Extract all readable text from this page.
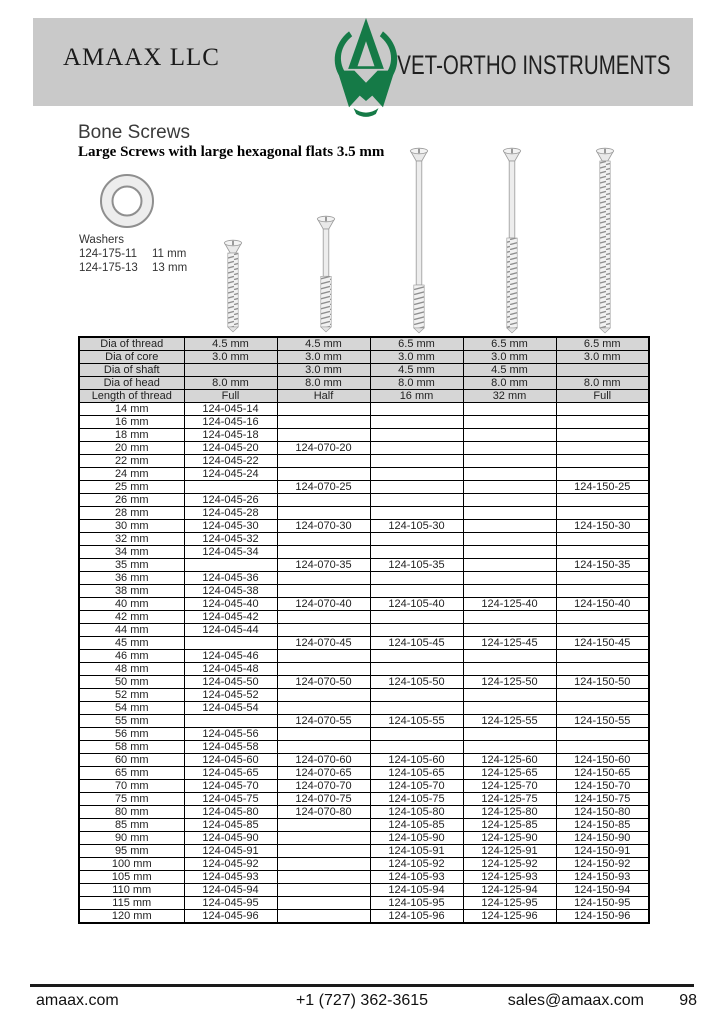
AMAAX LLC	VET-ORTHO INSTRUMENTS
Bone Screws
Large Screws with large hexagonal flats 3.5 mm
Washers
124-175-11	11 mm
124-175-13	13 mm
Dia of thread	4.5 mm	4.5 mm	6.5 mm	6.5 mm	6.5 mm
Dia of core	3.0 mm	3.0 mm	3.0 mm	3.0 mm	3.0 mm
Dia of shaft		3.0 mm	4.5 mm	4.5 mm	
Dia of head	8.0 mm	8.0 mm	8.0 mm	8.0 mm	8.0 mm
Length of thread	Full	Half	16 mm	32 mm	Full
14 mm	124-045-14				
16 mm	124-045-16				
18 mm	124-045-18				
20 mm	124-045-20	124-070-20			
22 mm	124-045-22				
24 mm	124-045-24				
25 mm		124-070-25			124-150-25
26 mm	124-045-26				
28 mm	124-045-28				
30 mm	124-045-30	124-070-30	124-105-30		124-150-30
32 mm	124-045-32				
34 mm	124-045-34				
35 mm		124-070-35	124-105-35		124-150-35
36 mm	124-045-36				
38 mm	124-045-38				
40 mm	124-045-40	124-070-40	124-105-40	124-125-40	124-150-40
42 mm	124-045-42				
44 mm	124-045-44				
45 mm		124-070-45	124-105-45	124-125-45	124-150-45
46 mm	124-045-46				
48 mm	124-045-48				
50 mm	124-045-50	124-070-50	124-105-50	124-125-50	124-150-50
52 mm	124-045-52				
54 mm	124-045-54				
55 mm		124-070-55	124-105-55	124-125-55	124-150-55
56 mm	124-045-56				
58 mm	124-045-58				
60 mm	124-045-60	124-070-60	124-105-60	124-125-60	124-150-60
65 mm	124-045-65	124-070-65	124-105-65	124-125-65	124-150-65
70 mm	124-045-70	124-070-70	124-105-70	124-125-70	124-150-70
75 mm	124-045-75	124-070-75	124-105-75	124-125-75	124-150-75
80 mm	124-045-80	124-070-80	124-105-80	124-125-80	124-150-80
85 mm	124-045-85		124-105-85	124-125-85	124-150-85
90 mm	124-045-90		124-105-90	124-125-90	124-150-90
95 mm	124-045-91		124-105-91	124-125-91	124-150-91
100 mm	124-045-92		124-105-92	124-125-92	124-150-92
105 mm	124-045-93		124-105-93	124-125-93	124-150-93
110 mm	124-045-94		124-105-94	124-125-94	124-150-94
115 mm	124-045-95		124-105-95	124-125-95	124-150-95
120 mm	124-045-96		124-105-96	124-125-96	124-150-96
amaax.com	+1 (727) 362-3615	sales@amaax.com 98
